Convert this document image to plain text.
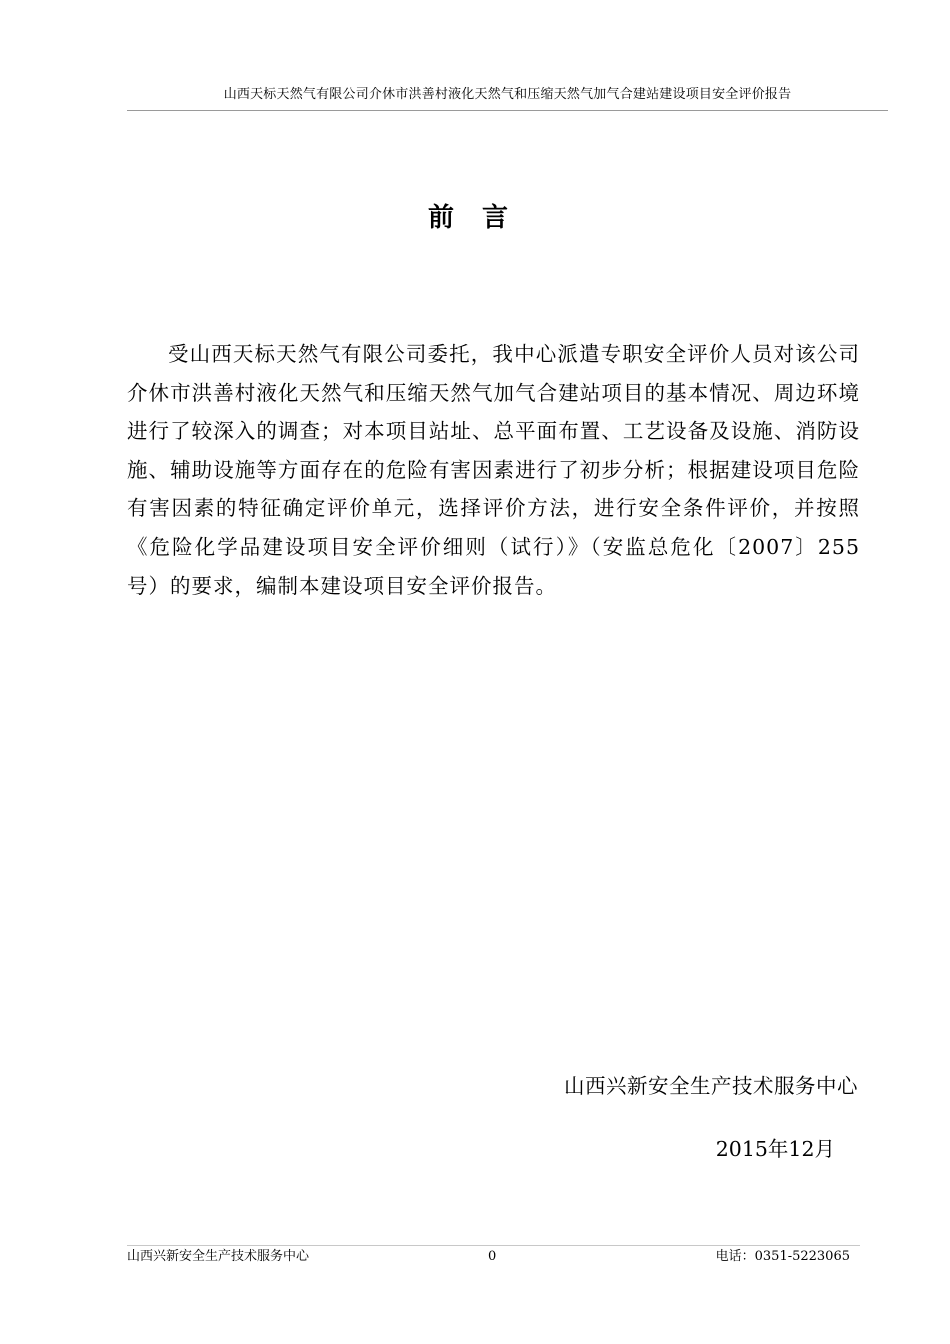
山西天标天然气有限公司介休市洪善村液化天然气和压缩天然气加气合建站建设项目安全评价报告
前言

受山西天标天然气有限公司委托，我中心派遣专职安全评价人员对该公司介休市洪善村液化天然气和压缩天然气加气合建站项目的基本情况、周边环境进行了较深入的调查；对本项目站址、总平面布置、工艺设备及设施、消防设施、辅助设施等方面存在的危险有害因素进行了初步分析；根据建设项目危险有害因素的特征确定评价单元，选择评价方法，进行安全条件评价，并按照《危险化学品建设项目安全评价细则（试行）》（安监总危化〔2007〕255号）的要求，编制本建设项目安全评价报告。

山西兴新安全生产技术服务中心
2015年12月
山西兴新安全生产技术服务中心	0	电话：0351-5223065
